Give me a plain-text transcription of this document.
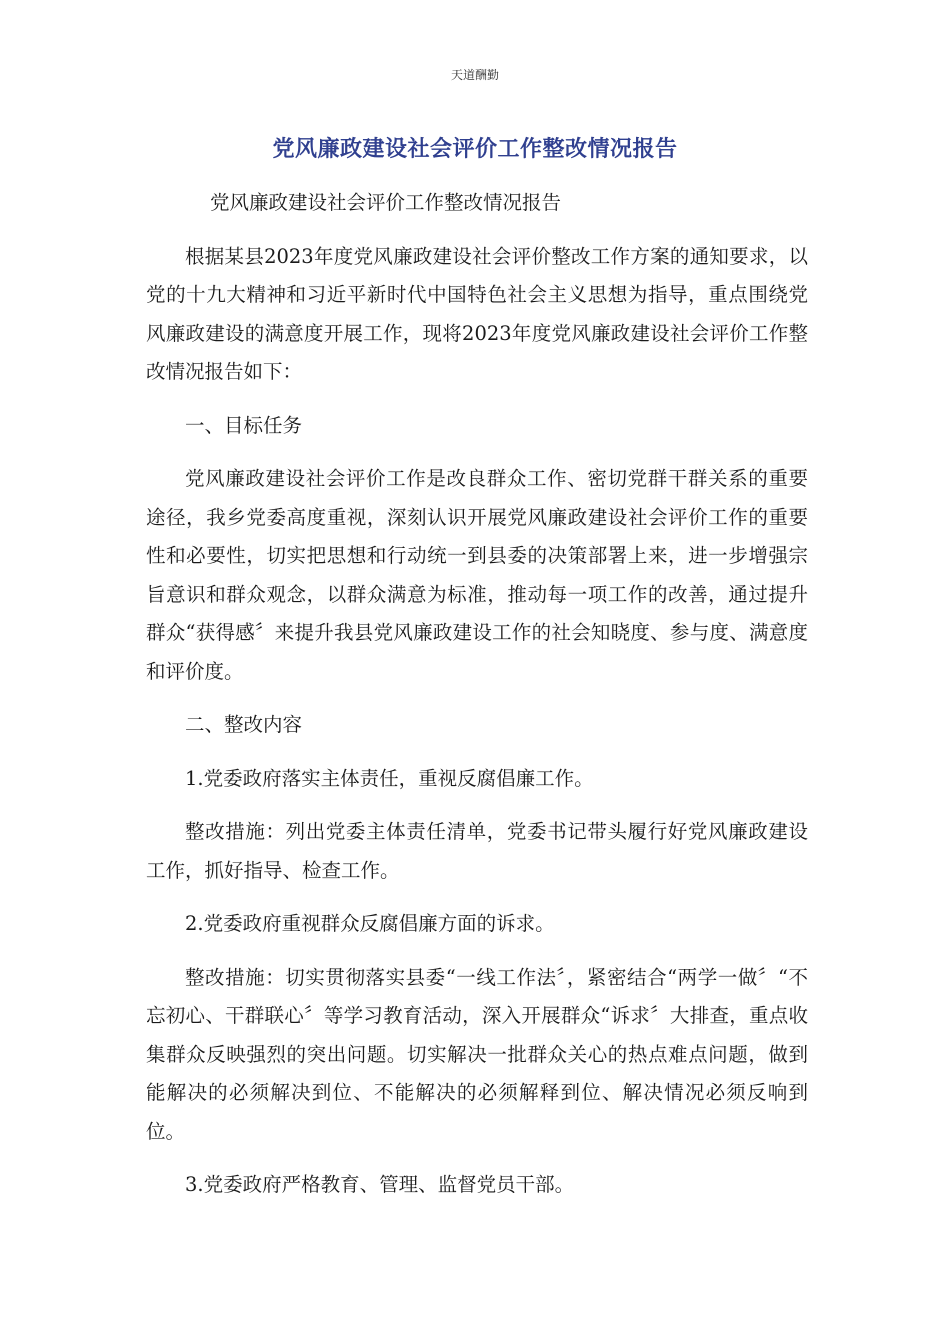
天道酬勤
党风廉政建设社会评价工作整改情况报告

党风廉政建设社会评价工作整改情况报告

根据某县2023年度党风廉政建设社会评价整改工作方案的通知要求，以党的十九大精神和习近平新时代中国特色社会主义思想为指导，重点围绕党风廉政建设的满意度开展工作，现将2023年度党风廉政建设社会评价工作整改情况报告如下：

一、目标任务

党风廉政建设社会评价工作是改良群众工作、密切党群干群关系的重要途径，我乡党委高度重视，深刻认识开展党风廉政建设社会评价工作的重要性和必要性，切实把思想和行动统一到县委的决策部署上来，进一步增强宗旨意识和群众观念，以群众满意为标准，推动每一项工作的改善，通过提升群众“获得感〞来提升我县党风廉政建设工作的社会知晓度、参与度、满意度和评价度。

二、整改内容

1.党委政府落实主体责任，重视反腐倡廉工作。

整改措施：列出党委主体责任清单，党委书记带头履行好党风廉政建设工作，抓好指导、检查工作。

2.党委政府重视群众反腐倡廉方面的诉求。

整改措施：切实贯彻落实县委“一线工作法〞，紧密结合“两学一做〞“不忘初心、干群联心〞等学习教育活动，深入开展群众“诉求〞大排查，重点收集群众反映强烈的突出问题。切实解决一批群众关心的热点难点问题，做到能解决的必须解决到位、不能解决的必须解释到位、解决情况必须反响到位。

3.党委政府严格教育、管理、监督党员干部。
